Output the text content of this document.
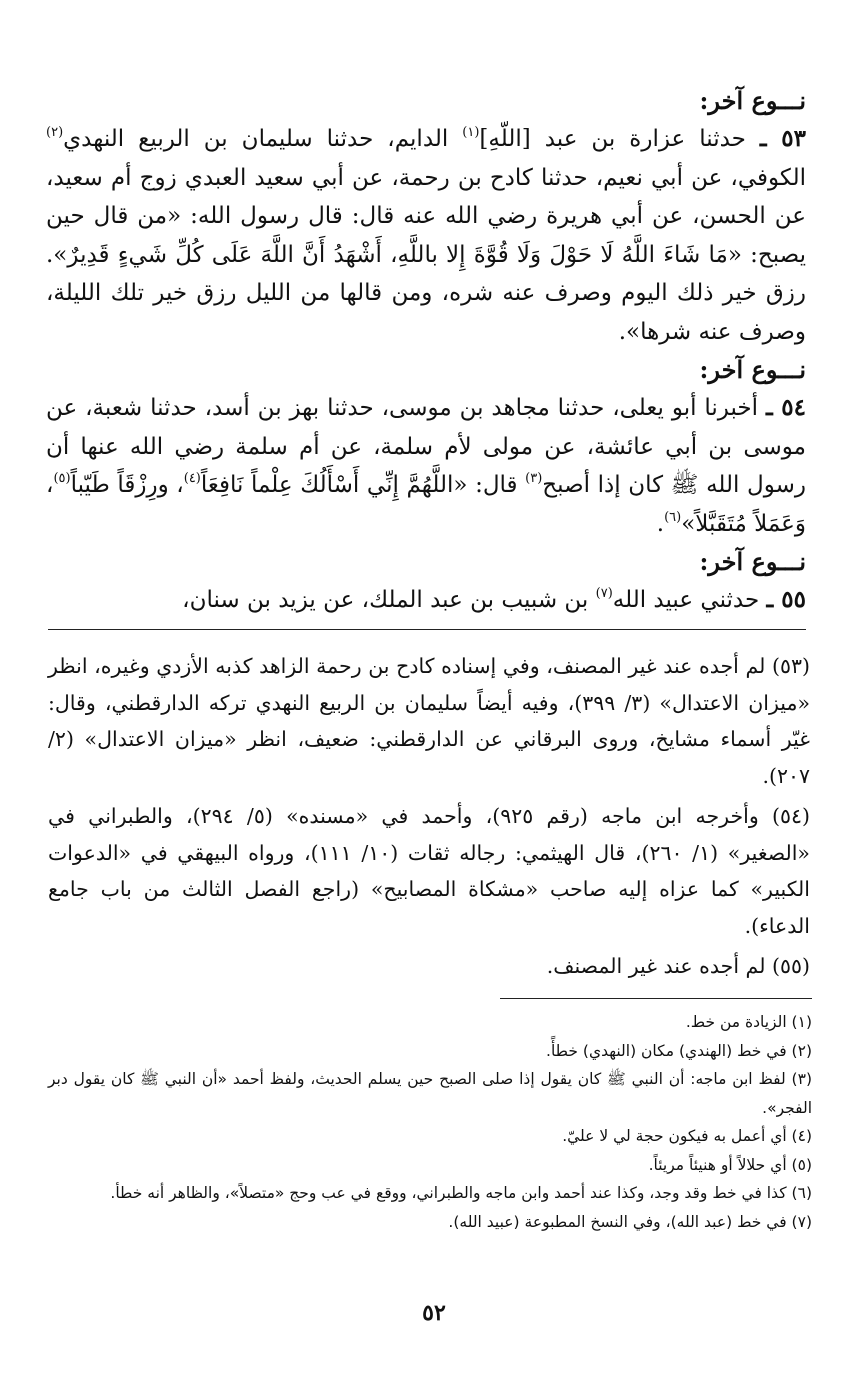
نـــوع آخر:

٥٣ ـ حدثنا عزارة بن عبد [اللّهِ]$^{(١)}$ الدايم، حدثنا سليمان بن الربيع النهدي$^{(٢)}$ الكوفي، عن أبي نعيم، حدثنا كادح بن رحمة، عن أبي سعيد العبدي زوج أم سعيد، عن الحسن، عن أبي هريرة رضي الله عنه قال: قال رسول الله: «من قال حين يصبح: «مَا شَاءَ اللَّهُ لَا حَوْلَ وَلَا قُوَّةَ إِلا باللَّهِ، أَشْهَدُ أَنَّ اللَّهَ عَلَى كُلِّ شَيءٍ قَدِيرٌ». رزق خير ذلك اليوم وصرف عنه شره، ومن قالها من الليل رزق خير تلك الليلة، وصرف عنه شرها».

نـــوع آخر:

٥٤ ـ أخبرنا أبو يعلى، حدثنا مجاهد بن موسى، حدثنا بهز بن أسد، حدثنا شعبة، عن موسى بن أبي عائشة، عن مولى لأم سلمة، عن أم سلمة رضي الله عنها أن رسول الله ﷺ كان إذا أصبح$^{(٣)}$ قال: «اللَّهُمَّ إِنِّي أَسْأَلُكَ عِلْماً نَافِعَاً$^{(٤)}$، ورِزْقَاً طَيّباً$^{(٥)}$، وَعَمَلاً مُتَقَبَّلاً»$^{(٦)}$.

نـــوع آخر:

٥٥ ـ حدثني عبيد الله$^{(٧)}$ بن شبيب بن عبد الملك، عن يزيد بن سنان،

(٥٣) لم أجده عند غير المصنف، وفي إسناده كادح بن رحمة الزاهد كذبه الأزدي وغيره، انظر «ميزان الاعتدال» (٣/ ٣٩٩)، وفيه أيضاً سليمان بن الربيع النهدي تركه الدارقطني، وقال: غيّر أسماء مشايخ، وروى البرقاني عن الدارقطني: ضعيف، انظر «ميزان الاعتدال» (٢/ ٢٠٧).

(٥٤) وأخرجه ابن ماجه (رقم ٩٢٥)، وأحمد في «مسنده» (٥/ ٢٩٤)، والطبراني في «الصغير» (١/ ٢٦٠)، قال الهيثمي: رجاله ثقات (١٠/ ١١١)، ورواه البيهقي في «الدعوات الكبير» كما عزاه إليه صاحب «مشكاة المصابيح» (راجع الفصل الثالث من باب جامع الدعاء).

(٥٥) لم أجده عند غير المصنف.

(١) الزيادة من خط.

(٢) في خط (الهندي) مكان (النهدي) خطأً.

(٣) لفظ ابن ماجه: أن النبي ﷺ كان يقول إذا صلى الصبح حين يسلم الحديث، ولفظ أحمد «أن النبي ﷺ كان يقول دبر الفجر».

(٤) أي أعمل به فيكون حجة لي لا عليّ.

(٥) أي حلالاً أو هنيئاً مريئاً.

(٦) كذا في خط وقد وجد، وكذا عند أحمد وابن ماجه والطبراني، ووقع في عب وحج «متصلاً»، والظاهر أنه خطأ.

(٧) في خط (عبد الله)، وفي النسخ المطبوعة (عبيد الله).

٥٢
